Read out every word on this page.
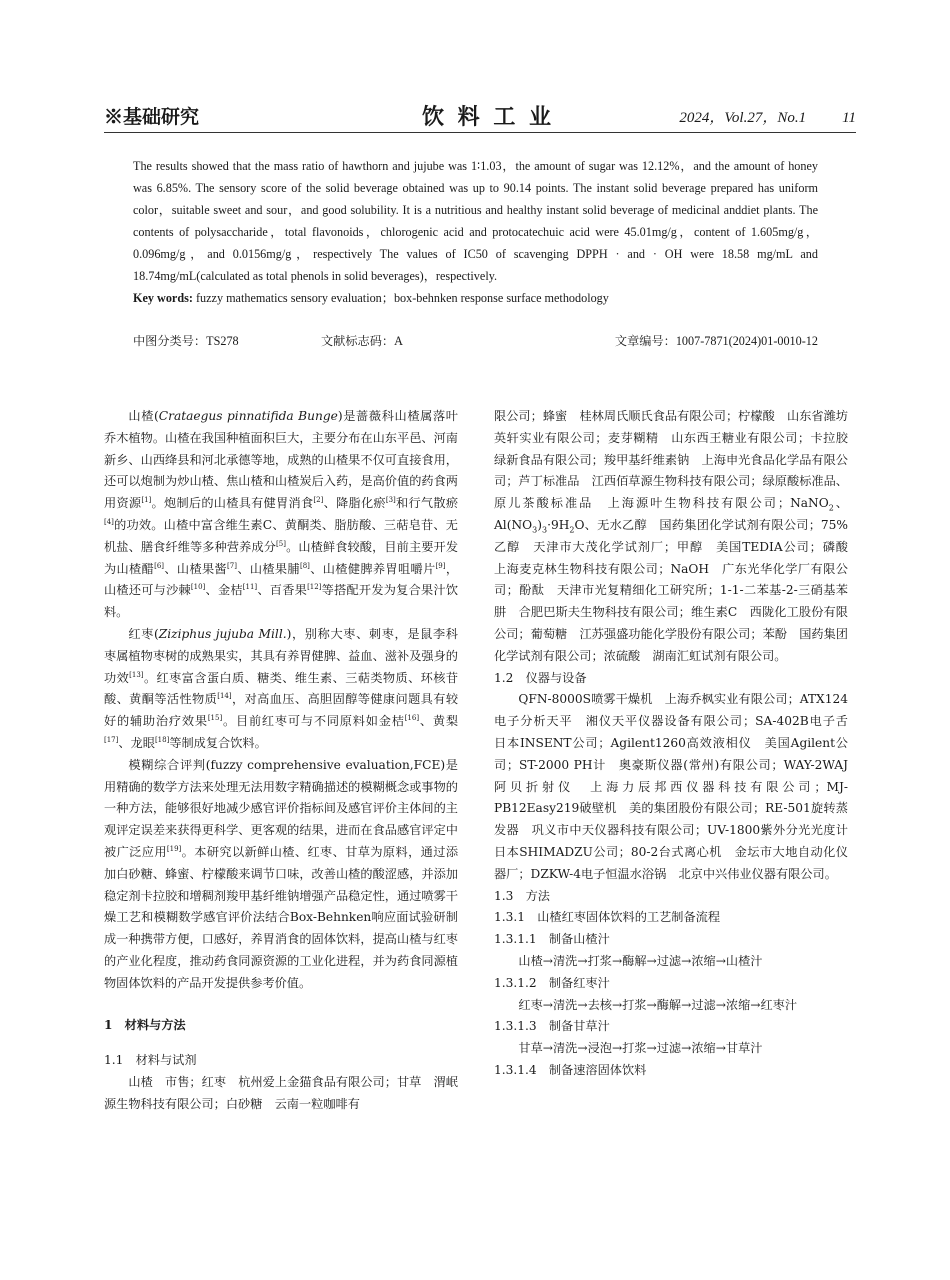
※基础研究	饮 料 工 业	2024，Vol.27，No.1 11

The results showed that the mass ratio of hawthorn and jujube was 1∶1.03，the amount of sugar was 12.12%，and the amount of honey was 6.85%. The sensory score of the solid beverage obtained was up to 90.14 points. The instant solid beverage prepared has uniform color，suitable sweet and sour，and good solubility. It is a nutritious and healthy instant solid beverage of medicinal anddiet plants. The contents of polysaccharide，total flavonoids，chlorogenic acid and protocatechuic acid were 45.01mg/g，content of 1.605mg/g，0.096mg/g，and 0.0156mg/g，respectively The values of IC50 of scavenging DPPH · and · OH were 18.58 mg/mL and 18.74mg/mL(calculated as total phenols in solid beverages)，respectively.

Key words: fuzzy mathematics sensory evaluation；box-behnken response surface methodology

中图分类号：TS278	文献标志码：A	文章编号：1007-7871(2024)01-0010-12

山楂(Crataegus pinnatifida Bunge)是蔷薇科山楂属落叶乔木植物。山楂在我国种植面积巨大，主要分布在山东平邑、河南新乡、山西绛县和河北承德等地，成熟的山楂果不仅可直接食用，还可以炮制为炒山楂、焦山楂和山楂炭后入药，是高价值的药食两用资源[1]。炮制后的山楂具有健胃消食[2]、降脂化瘀[3]和行气散瘀[4]的功效。山楂中富含维生素C、黄酮类、脂肪酸、三萜皂苷、无机盐、膳食纤维等多种营养成分[5]。山楂鲜食较酸，目前主要开发为山楂醋[6]、山楂果酱[7]、山楂果脯[8]、山楂健脾养胃咀嚼片[9]，山楂还可与沙棘[10]、金桔[11]、百香果[12]等搭配开发为复合果汁饮料。

红枣(Ziziphus jujuba Mill.)，别称大枣、刺枣，是鼠李科枣属植物枣树的成熟果实，其具有养胃健脾、益血、滋补及强身的功效[13]。红枣富含蛋白质、糖类、维生素、三萜类物质、环核苷酸、黄酮等活性物质[14]，对高血压、高胆固醇等健康问题具有较好的辅助治疗效果[15]。目前红枣可与不同原料如金桔[16]、黄梨[17]、龙眼[18]等制成复合饮料。

模糊综合评判(fuzzy comprehensive evaluation,FCE)是用精确的数学方法来处理无法用数字精确描述的模糊概念或事物的一种方法，能够很好地减少感官评价指标间及感官评价主体间的主观评定误差来获得更科学、更客观的结果，进而在食品感官评定中被广泛应用[19]。本研究以新鲜山楂、红枣、甘草为原料，通过添加白砂糖、蜂蜜、柠檬酸来调节口味，改善山楂的酸涩感，并添加稳定剂卡拉胶和增稠剂羧甲基纤维钠增强产品稳定性，通过喷雾干燥工艺和模糊数学感官评价法结合Box-Behnken响应面试验研制成一种携带方便，口感好，养胃消食的固体饮料，提高山楂与红枣的产业化程度，推动药食同源资源的工业化进程，并为药食同源植物固体饮料的产品开发提供参考价值。

1　材料与方法

1.1　材料与试剂

山楂　市售；红枣　杭州爱上金猫食品有限公司；甘草　渭岷源生物科技有限公司；白砂糖　云南一粒咖啡有

限公司；蜂蜜　桂林周氏顺氏食品有限公司；柠檬酸　山东省潍坊英轩实业有限公司；麦芽糊精　山东西王糖业有限公司；卡拉胶　绿新食品有限公司；羧甲基纤维素钠　上海申光食品化学品有限公司；芦丁标准品　江西佰草源生物科技有限公司；绿原酸标准品、原儿茶酸标准品　上海源叶生物科技有限公司；NaNO$_2$、$Al(NO_3)_3\cdot 9H_2O$、无水乙醇　国药集团化学试剂有限公司；75%乙醇　天津市大茂化学试剂厂；甲醇　美国TEDIA公司；磷酸　上海麦克林生物科技有限公司；NaOH　广东光华化学厂有限公司；酚酞　天津市光复精细化工研究所；1-1-二苯基-2-三硝基苯肼　合肥巴斯夫生物科技有限公司；维生素C　西陇化工股份有限公司；葡萄糖　江苏强盛功能化学股份有限公司；苯酚　国药集团化学试剂有限公司；浓硫酸　湖南汇虹试剂有限公司。

1.2　仪器与设备

QFN-8000S喷雾干燥机　上海乔枫实业有限公司；ATX124电子分析天平　湘仪天平仪器设备有限公司；SA-402B电子舌　日本INSENT公司；Agilent1260高效液相仪　美国Agilent公司；ST-2000 PH计　奥豪斯仪器(常州)有限公司；WAY-2WAJ　阿贝折射仪　上海力辰邦西仪器科技有限公司；MJ-PB12Easy219破壁机　美的集团股份有限公司；RE-501旋转蒸发器　巩义市中天仪器科技有限公司；UV-1800紫外分光光度计　日本SHIMADZU公司；80-2台式离心机　金坛市大地自动化仪器厂；DZKW-4电子恒温水浴锅　北京中兴伟业仪器有限公司。

1.3　方法

1.3.1　山楂红枣固体饮料的工艺制备流程

1.3.1.1　制备山楂汁

山楂→清洗→打浆→酶解→过滤→浓缩→山楂汁

1.3.1.2　制备红枣汁

红枣→清洗→去核→打浆→酶解→过滤→浓缩→红枣汁

1.3.1.3　制备甘草汁

甘草→清洗→浸泡→打浆→过滤→浓缩→甘草汁

1.3.1.4　制备速溶固体饮料
